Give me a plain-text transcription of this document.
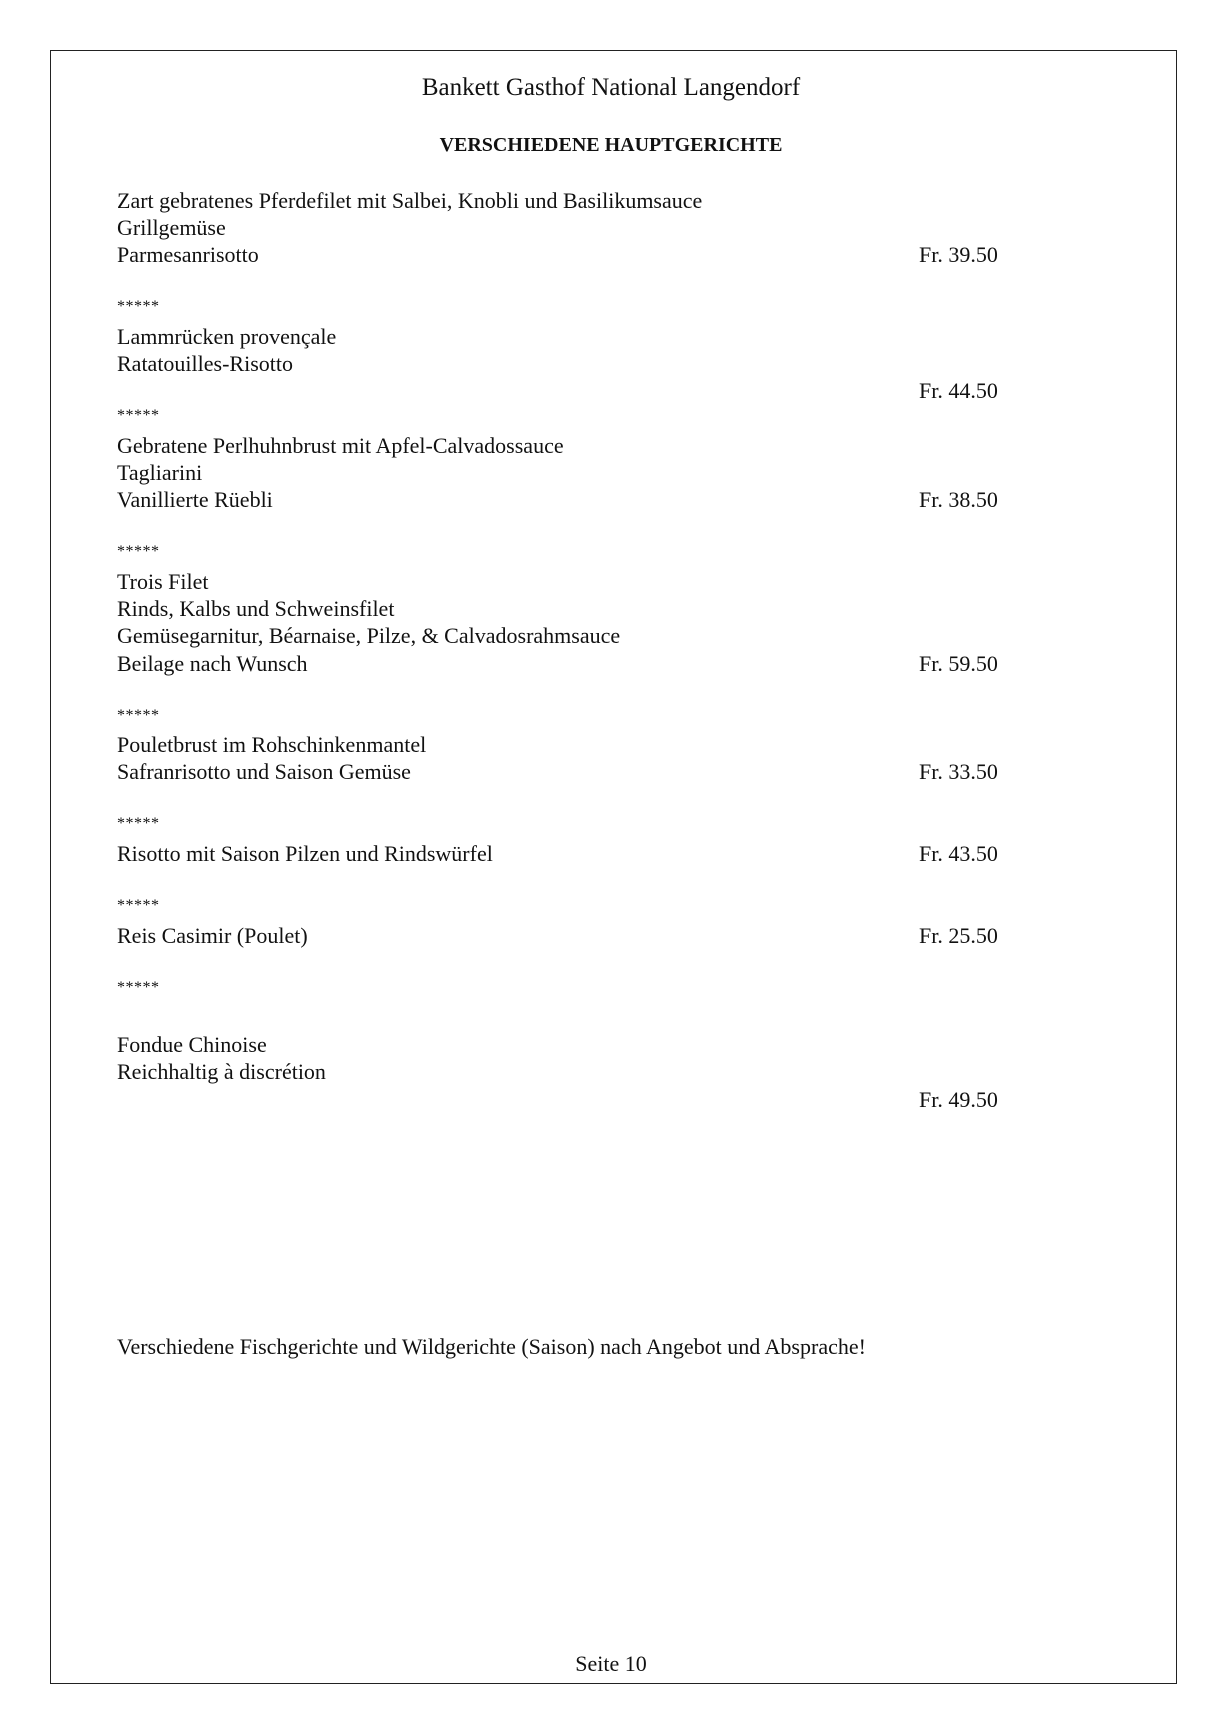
Bankett Gasthof National Langendorf
VERSCHIEDENE HAUPTGERICHTE
Zart gebratenes Pferdefilet mit Salbei, Knobli und Basilikumsauce
Grillgemüse
Parmesanrisotto	Fr. 39.50
*****
Lammrücken provençale
Ratatouilles-Risotto
Fr. 44.50
*****
Gebratene Perlhuhnbrust mit Apfel-Calvadossauce
Tagliarini
Vanillierte Rüebli	Fr. 38.50
*****
Trois Filet
Rinds, Kalbs und Schweinsfilet
Gemüsegarnitur, Béarnaise, Pilze, & Calvadosrahmsauce
Beilage nach Wunsch	Fr. 59.50
*****
Pouletbrust im Rohschinkenmantel
Safranrisotto und Saison Gemüse	Fr. 33.50
*****
Risotto mit Saison Pilzen und Rindswürfel	Fr. 43.50
*****
Reis Casimir (Poulet)	Fr. 25.50
*****
Fondue Chinoise
Reichhaltig à discrétion
Fr. 49.50
Verschiedene Fischgerichte und Wildgerichte (Saison) nach Angebot und Absprache!
Seite 10
